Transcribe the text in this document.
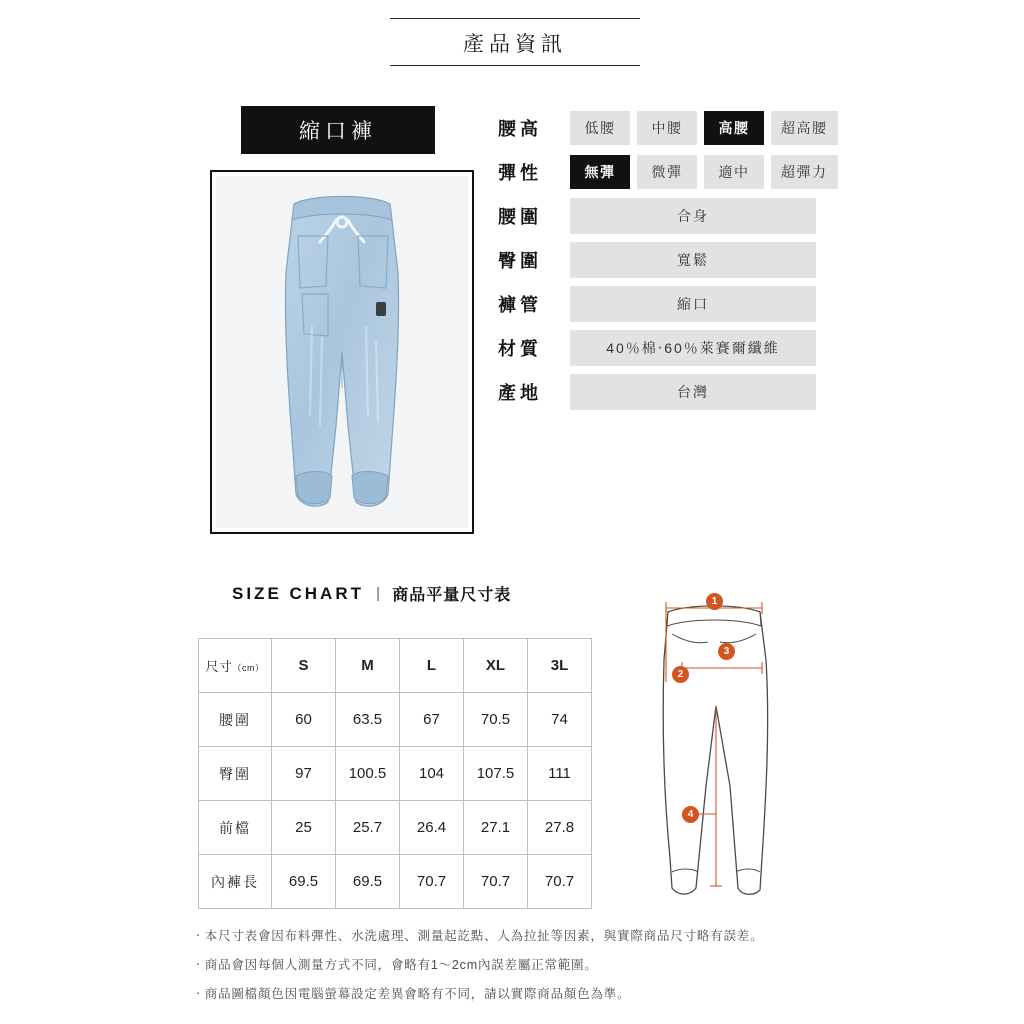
產品資訊
縮口褲	腰高	低腰	中腰	高腰	超高腰
彈性	無彈	微彈	適中	超彈力
腰圍	合身
臀圍	寬鬆
褲管	縮口
材質	40％棉‧60％萊賽爾纖維
產地	台灣
SIZE CHART | 商品平量尺寸表
尺寸（cm）	S	M	L	XL	3L
腰圍	60	63.5	67	70.5	74
臀圍	97	100.5	104	107.5	111
前檔	25	25.7	26.4	27.1	27.8
內褲長	69.5	69.5	70.7	70.7	70.7
1
2
3
4
‧ 本尺寸表會因布料彈性、水洗處理、測量起訖點、人為拉扯等因素，與實際商品尺寸略有誤差。
‧ 商品會因每個人測量方式不同，會略有1～2cm內誤差屬正常範圍。
‧ 商品圖檔顏色因電腦螢幕設定差異會略有不同，請以實際商品顏色為準。
